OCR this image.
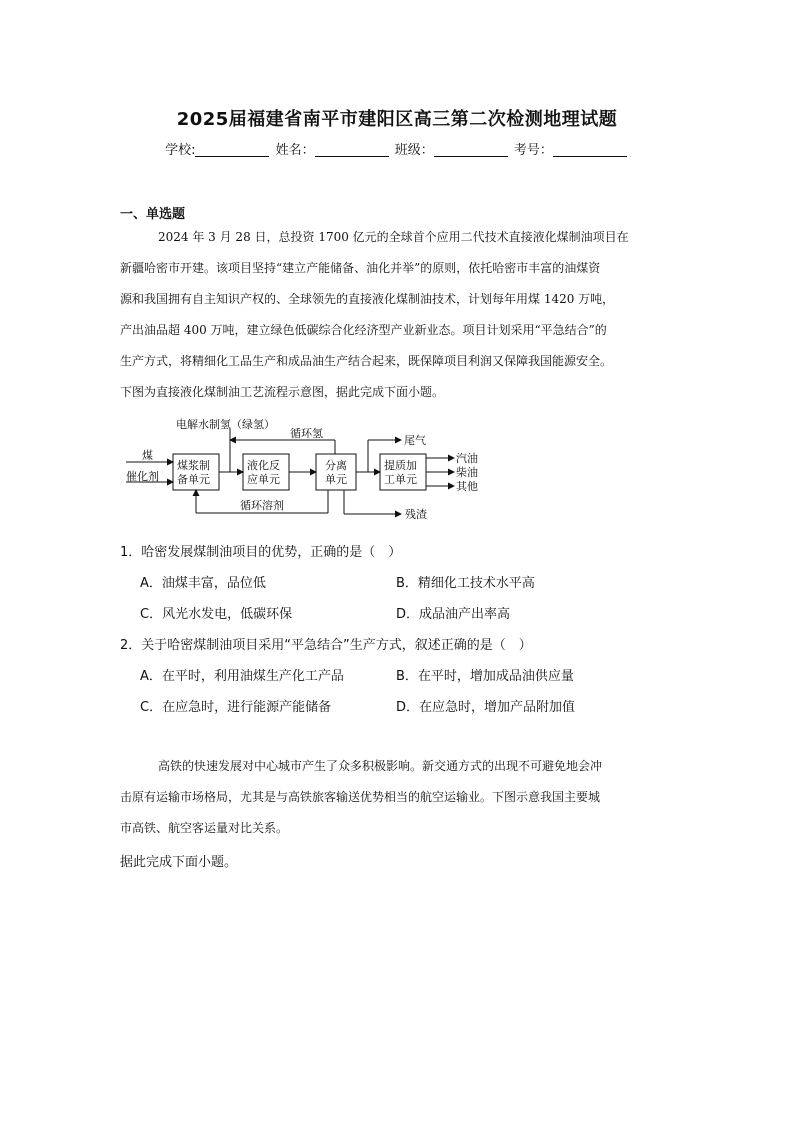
2025届福建省南平市建阳区高三第二次检测地理试题
学校:	姓名：	班级：	考号：
一、单选题

2024 年 3 月 28 日，总投资 1700 亿元的全球首个应用二代技术直接液化煤制油项目在

新疆哈密市开建。该项目坚持“建立产能储备、油化并举”的原则，依托哈密市丰富的油煤资

源和我国拥有自主知识产权的、全球领先的直接液化煤制油技术，计划每年用煤 1420 万吨，

产出油品超 400 万吨，建立绿色低碳综合化经济型产业新业态。项目计划采用“平急结合”的

生产方式，将精细化工品生产和成品油生产结合起来，既保障项目利润又保障我国能源安全。

下图为直接液化煤制油工艺流程示意图，据此完成下面小题。

电解水制氢（绿氢）
循环氢
尾气
煤
催化剂
煤浆制
备单元
液化反
应单元
分离
单元
提质加
工单元
汽油
柴油
其他
循环溶剂
残渣
1．哈密发展煤制油项目的优势，正确的是（　）
A．油煤丰富，品位低	B．精细化工技术水平高
C．风光水发电，低碳环保	D．成品油产出率高
2．关于哈密煤制油项目采用“平急结合”生产方式，叙述正确的是（　）
A．在平时，利用油煤生产化工产品	B．在平时，增加成品油供应量
C．在应急时，进行能源产能储备	D．在应急时，增加产品附加值

高铁的快速发展对中心城市产生了众多积极影响。新交通方式的出现不可避免地会冲

击原有运输市场格局，尤其是与高铁旅客输送优势相当的航空运输业。下图示意我国主要城

市高铁、航空客运量对比关系。

据此完成下面小题。
